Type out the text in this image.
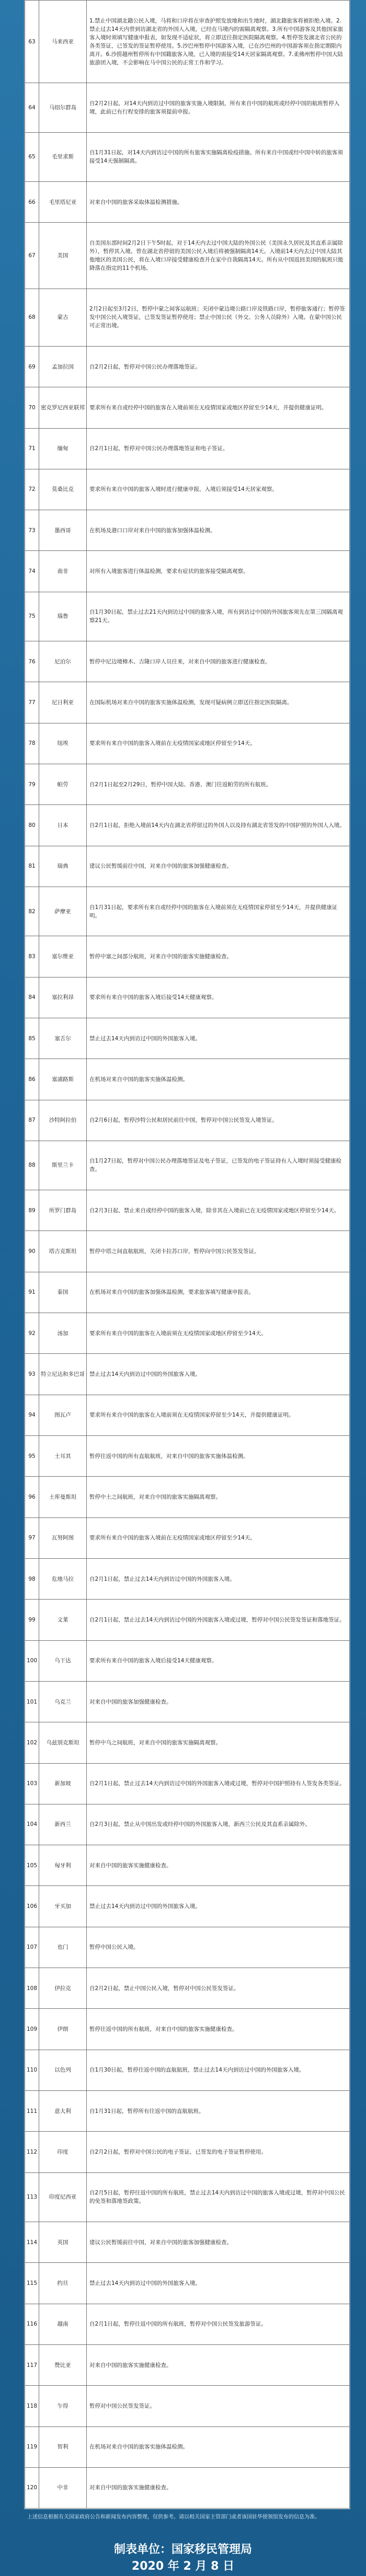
63	马来西亚	1.禁止中国湖北籍公民入境，马将和口岸将在审查护照发放地和出生地时，湖北籍旅客将被拒绝入境。2.禁止过去14天内曾到访湖北省的外国人入境，已经在马境内的需隔离观察。3.所有中国游客及其他国家旅客入境时须填写健康申报表，如发现不适症状，将立即送往指定医院隔离观察。4.暂停签发湖北省公民的各类签证，已签发的签证暂停使用。5.沙巴州暂停中国游客入境，已在沙巴州的中国游客须在指定期限内离开。6.沙捞越州暂停所有中国籍旅客入境，已入境的需接受14天居家隔离观察。7.柔佛州暂停中国大陆旅游团入境，不会影响在马中国公民的正常工作和学习。
64	马绍尔群岛	自2月2日起，对14天内到访过中国的旅客实施入境限制，所有来自中国的航班或经停中国的航班暂停入境，此前已有行程安排的旅客须提前申报。
65	毛里求斯	自1月31日起，对14天内到访过中国的所有旅客实施隔离检疫措施。所有来自中国或经中国中转的旅客须接受14天强制隔离。
66	毛里塔尼亚	对来自中国的旅客采取体温检测措施。
67	美国	自美国东部时间2月2日下午5时起，对于14天内去过中国大陆的外国公民（美国永久居民及其直系亲属除外），暂停其入境。曾在湖北省停留的美国公民入境后将被强制隔离14天。入境前14天内去过中国大陆其他地区的美国公民，将在入境口岸接受健康检查并在家中自我隔离14天。所有从中国返回美国的航班只能降落在指定的11个机场。
68	蒙古	2月2日起至3月2日，暂停中蒙之间客运航班；关闭中蒙边境公路口岸及铁路口岸，暂停旅客通行；暂停签发中国公民入境签证，已签发签证暂停使用；禁止中国公民（外交、公务人员除外）入境。在蒙中国公民可正常出境。
69	孟加拉国	自2月2日起，暂停对中国公民办理落地签证。
70	密克罗尼西亚联邦	要求所有来自或经停中国的旅客在入境前须在无疫情国家或地区停留至少14天，并提供健康证明。
71	缅甸	自2月1日起，暂停对中国公民办理落地签证和电子签证。
72	莫桑比克	要求所有来自中国的旅客入境时进行健康申报，入境后须接受14天居家观察。
73	墨西哥	在机场及港口口岸对来自中国的旅客加强体温检测。
74	南非	对所有入境旅客进行体温检测，要求有症状的旅客接受隔离观察。
75	瑙鲁	自1月30日起，禁止过去21天内到访过中国的旅客入境，所有到访过中国的外国旅客须先在第三国隔离观察21天。
76	尼泊尔	暂停中尼边境樟木、吉隆口岸人员往来，对来自中国的旅客进行健康检查。
77	尼日利亚	在国际机场对来自中国的旅客实施体温检测，发现可疑病例立即送往指定医院隔离。
78	纽埃	要求所有来自中国的旅客入境前在无疫情国家或地区停留至少14天。
79	帕劳	自2月1日起至2月29日，暂停中国大陆、香港、澳门往返帕劳的所有航班。
80	日本	自2月1日起，拒绝入境前14天内在湖北省停留过的外国人以及持有湖北省签发的中国护照的外国人入境。
81	瑞典	建议公民暂缓前往中国，对来自中国的旅客加强健康检查。
82	萨摩亚	自1月31日起，要求所有来自或经停中国的旅客在入境前须在无疫情国家停留至少14天，并提供健康证明。
83	塞尔维亚	暂停中塞之间部分航班，对来自中国的旅客实施健康检查。
84	塞拉利昂	要求所有来自中国的旅客入境后接受14天健康观察。
85	塞舌尔	禁止过去14天内到访过中国的外国旅客入境。
86	塞浦路斯	在机场对来自中国的旅客实施体温检测。
87	沙特阿拉伯	自2月6日起，暂停沙特公民和居民前往中国，暂停对中国公民签发入境签证。
88	斯里兰卡	自1月27日起，暂停对中国公民办理落地签证及电子签证，已签发的电子签证持有人入境时须接受健康检查。
89	所罗门群岛	自2月3日起，禁止来自或经停中国的旅客入境，除非其在入境前已在无疫情国家或地区停留至少14天。
90	塔吉克斯坦	暂停中塔之间直航航班，关闭卡拉苏口岸，暂停向中国公民签发签证。
91	泰国	在机场对来自中国的旅客加强体温检测，要求旅客填写健康申报表。
92	汤加	要求所有来自中国的旅客在入境前须在无疫情国家或地区停留至少14天。
93	特立尼达和多巴哥	禁止过去14天内到访过中国的外国旅客入境。
94	图瓦卢	要求所有来自中国的旅客在入境前须在无疫情国家停留至少14天，并提供健康证明。
95	土耳其	暂停往返中国的所有直航航班，对来自中国的旅客实施体温检测。
96	土库曼斯坦	暂停中土之间航班，对来自中国的旅客实施隔离观察。
97	瓦努阿图	要求所有来自中国的旅客入境前在无疫情国家或地区停留至少14天。
98	危地马拉	自2月1日起，禁止过去14天内到访过中国的外国旅客入境。
99	文莱	自2月1日起，禁止过去14天内到访过中国的外国旅客入境或过境，暂停对中国公民签发签证和落地签证。
100	乌干达	要求所有来自中国的旅客入境后接受14天健康观察。
101	乌克兰	对来自中国的旅客加强健康检查。
102	乌兹别克斯坦	暂停中乌之间航班，对来自中国的旅客实施隔离观察。
103	新加坡	自2月1日起，禁止过去14天内到访过中国的外国旅客入境或过境，暂停对中国护照持有人签发各类签证。
104	新西兰	自2月3日起，禁止从中国出发或经停中国的外国旅客入境，新西兰公民及其直系亲属除外。
105	匈牙利	对来自中国的旅客实施健康检查。
106	牙买加	禁止过去14天内到访过中国的外国旅客入境。
107	也门	暂停中国公民入境。
108	伊拉克	自2月2日起，禁止中国公民入境，暂停对中国公民签发签证。
109	伊朗	暂停往返中国的所有航班，对来自中国的旅客实施健康检查。
110	以色列	自1月30日起，暂停往返中国的直航航班，禁止过去14天内到访过中国的外国旅客入境。
111	意大利	自1月31日起，暂停所有往返中国的直航航班。
112	印度	自2月2日起，暂停对中国公民的电子签证，已签发的电子签证暂停使用。
113	印度尼西亚	自2月5日起，暂停往返中国的所有航班，禁止过去14天内到访过中国的旅客入境或过境，暂停对中国公民的免签和落地签政策。
114	英国	建议公民暂缓前往中国，对来自中国的旅客加强健康检查。
115	约旦	禁止过去14天内到访过中国的外国旅客入境。
116	越南	自2月1日起，暂停往返中国的所有航班，暂停对中国公民签发旅游签证。
117	赞比亚	对来自中国的旅客实施健康检查。
118	乍得	暂停对中国公民签发签证。
119	智利	在机场对来自中国的旅客实施体温检测。
120	中非	对来自中国的旅客实施健康检查。
上述信息根据有关国家政府公告和新闻发布内容整理，仅供参考。请以相关国家主管部门或者该国驻华使领馆发布的信息为准。
制表单位：国家移民管理局
2020 年 2 月 8 日
